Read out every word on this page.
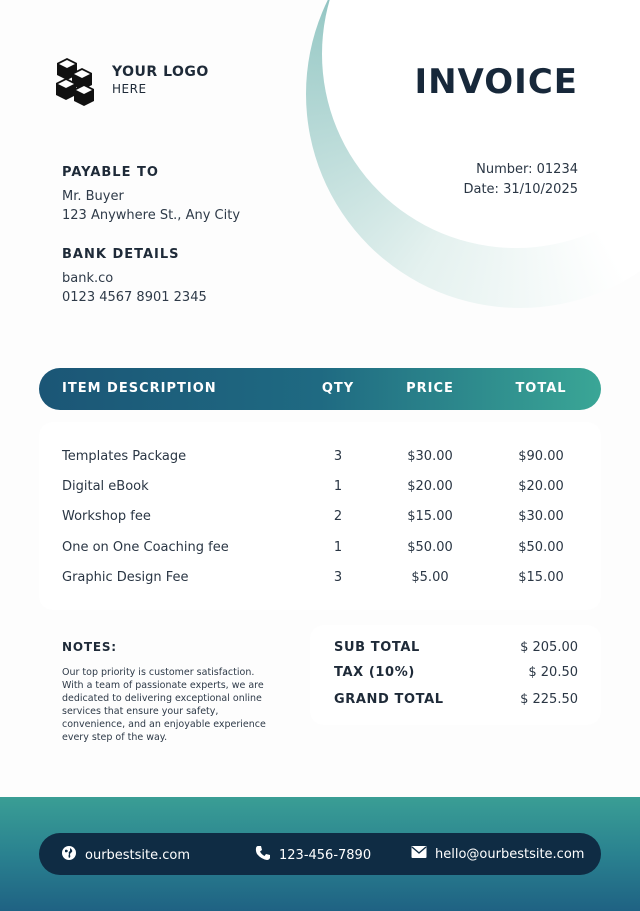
YOUR LOGO
HERE	INVOICE
Number: 01234
Date: 31/10/2025
PAYABLE TO
Mr. Buyer
123 Anywhere St., Any City
BANK DETAILS
bank.co
0123 4567 8901 2345
ITEM DESCRIPTION	QTY	PRICE	TOTAL
Templates Package	3	$30.00	$90.00
Digital eBook	1	$20.00	$20.00
Workshop fee	2	$15.00	$30.00
One on One Coaching fee	1	$50.00	$50.00
Graphic Design Fee	3	$5.00	$15.00
NOTES:
Our top priority is customer satisfaction. With a team of passionate experts, we are dedicated to delivering exceptional online services that ensure your safety, convenience, and an enjoyable experience every step of the way.
SUB TOTAL	$ 205.00
TAX (10%)	$ 20.50
GRAND TOTAL	$ 225.50
ourbestsite.com	123-456-7890	hello@ourbestsite.com
